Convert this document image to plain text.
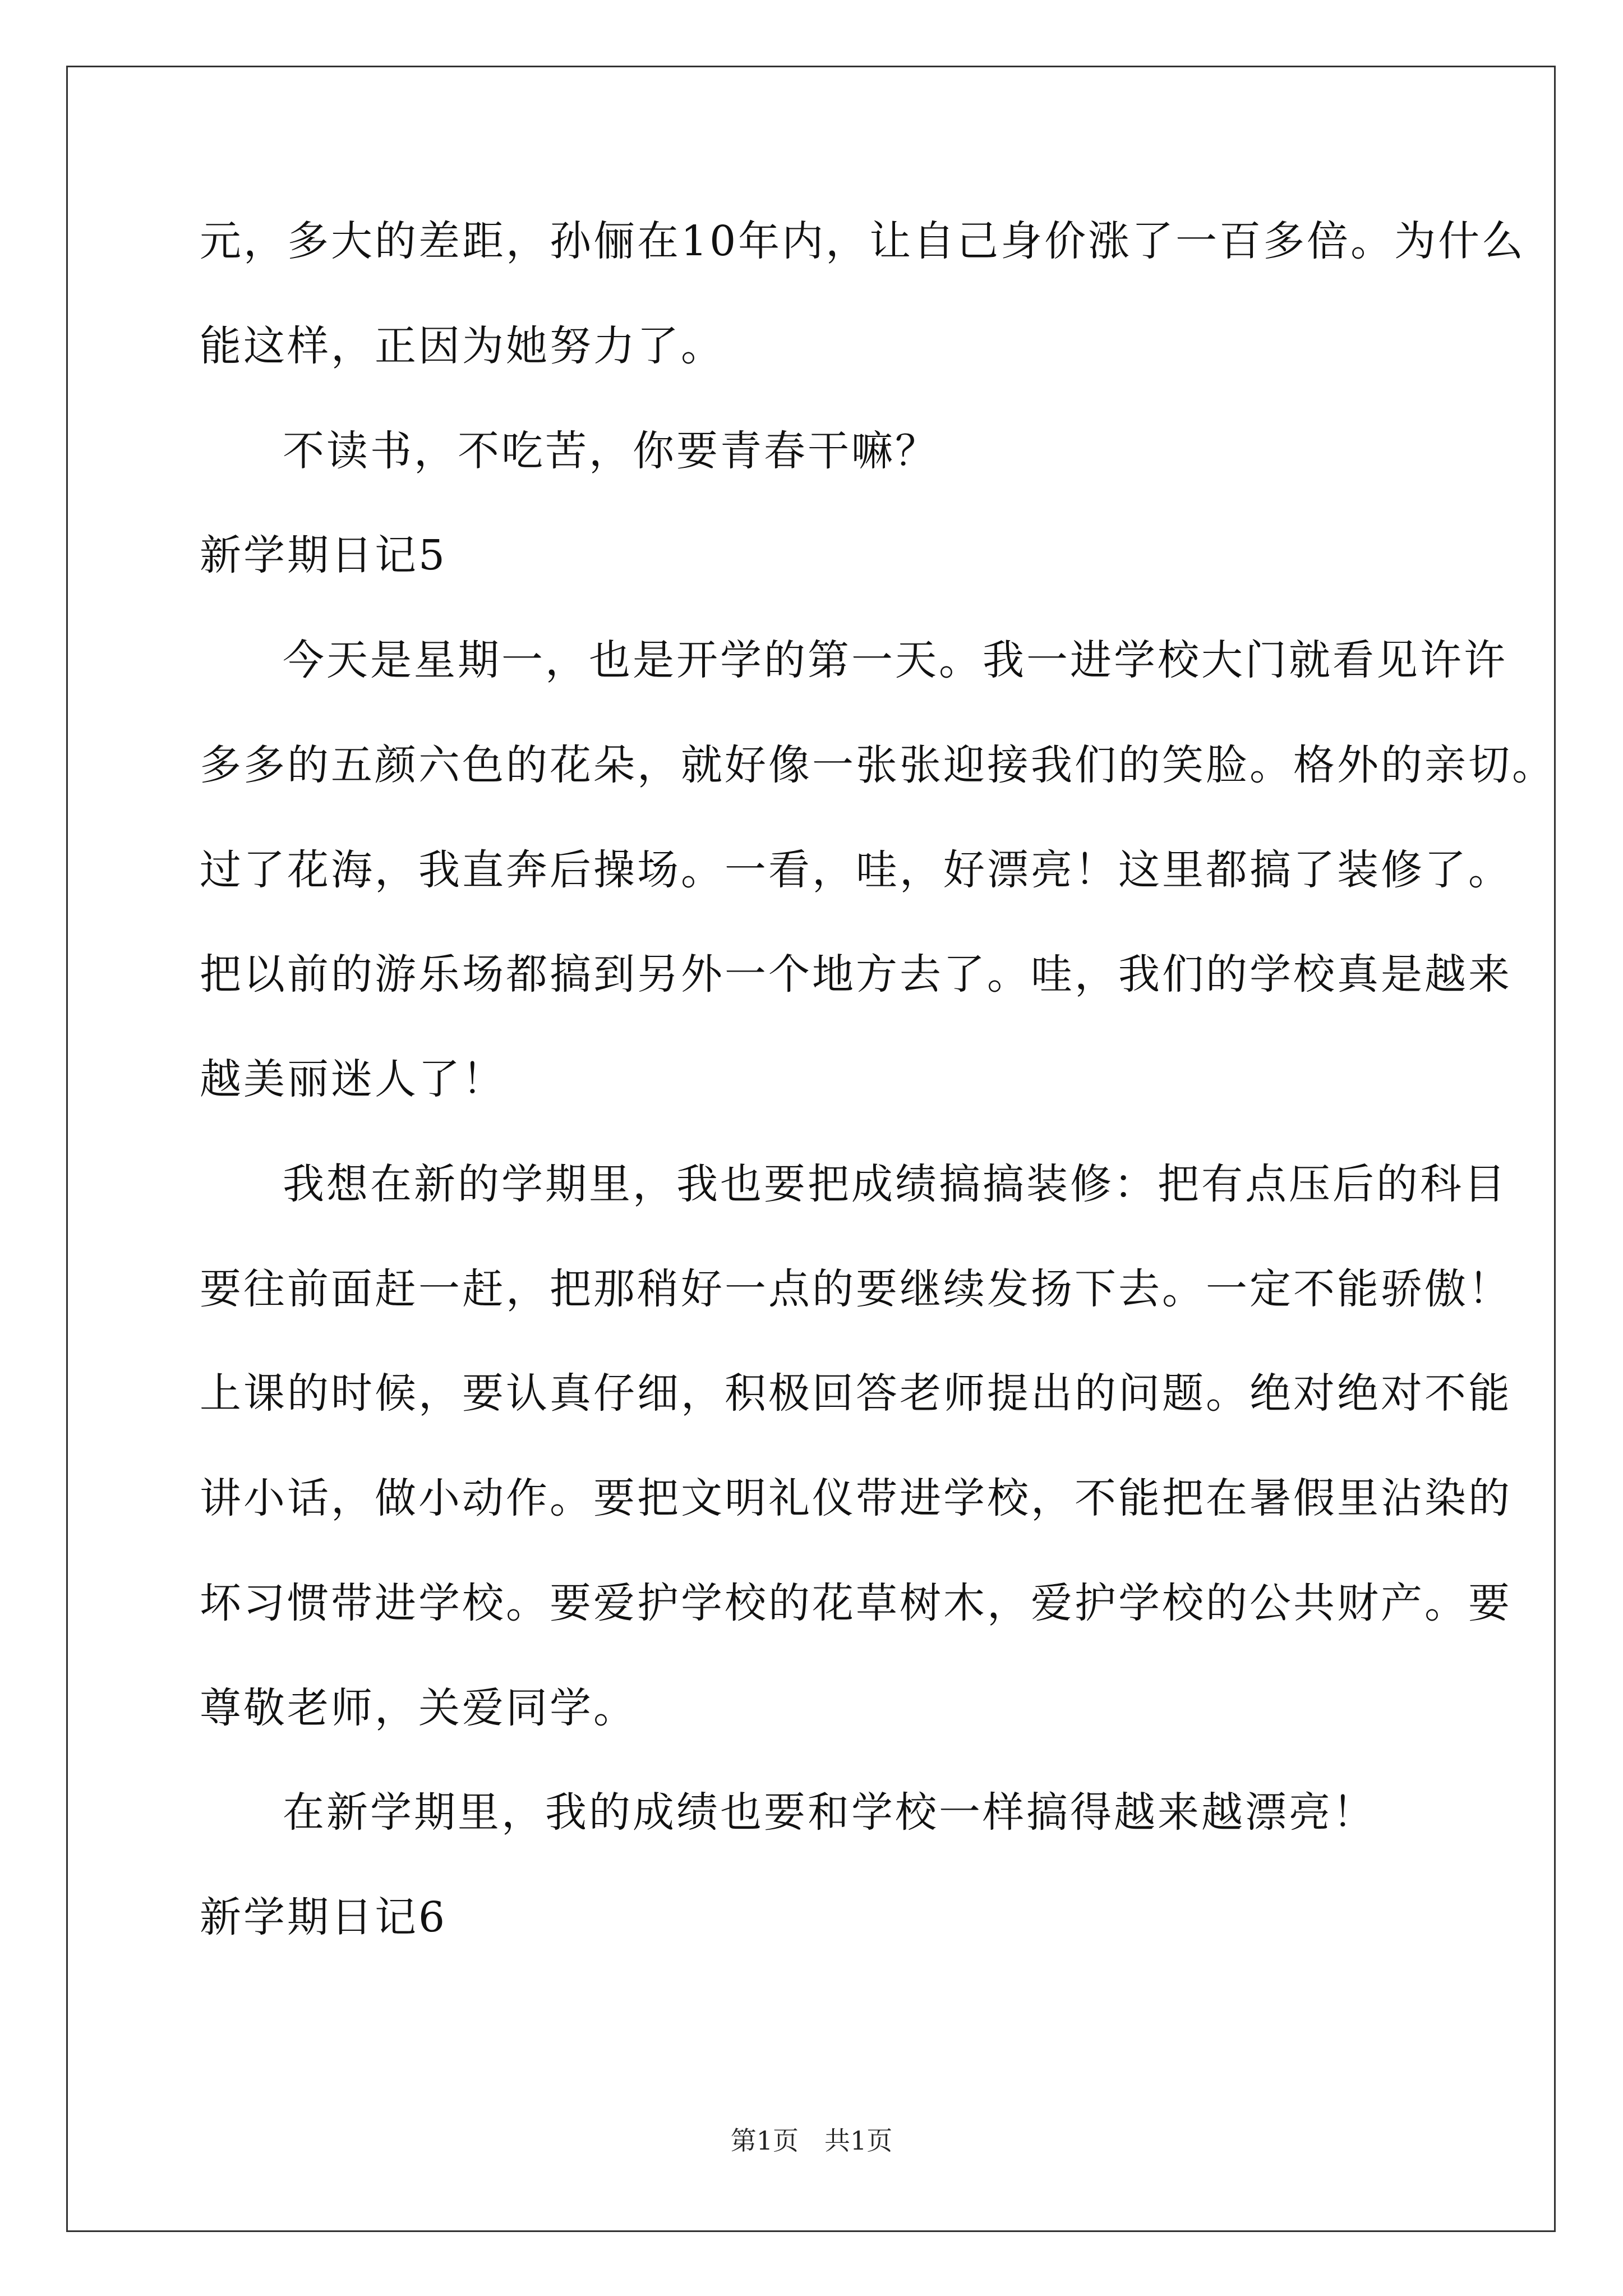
元，多大的差距，孙俪在10年内，让自己身价涨了一百多倍。为什么
能这样，正因为她努力了。
不读书，不吃苦，你要青春干嘛？
新学期日记5
今天是星期一，也是开学的第一天。我一进学校大门就看见许许
多多的五颜六色的花朵，就好像一张张迎接我们的笑脸。格外的亲切。
过了花海，我直奔后操场。一看，哇，好漂亮！这里都搞了装修了。
把以前的游乐场都搞到另外一个地方去了。哇，我们的学校真是越来
越美丽迷人了！
我想在新的学期里，我也要把成绩搞搞装修：把有点压后的科目
要往前面赶一赶，把那稍好一点的要继续发扬下去。一定不能骄傲！
上课的时候，要认真仔细，积极回答老师提出的问题。绝对绝对不能
讲小话，做小动作。要把文明礼仪带进学校，不能把在暑假里沾染的
坏习惯带进学校。要爱护学校的花草树木，爱护学校的公共财产。要
尊敬老师，关爱同学。
在新学期里，我的成绩也要和学校一样搞得越来越漂亮！
新学期日记6
第1页 共1页
